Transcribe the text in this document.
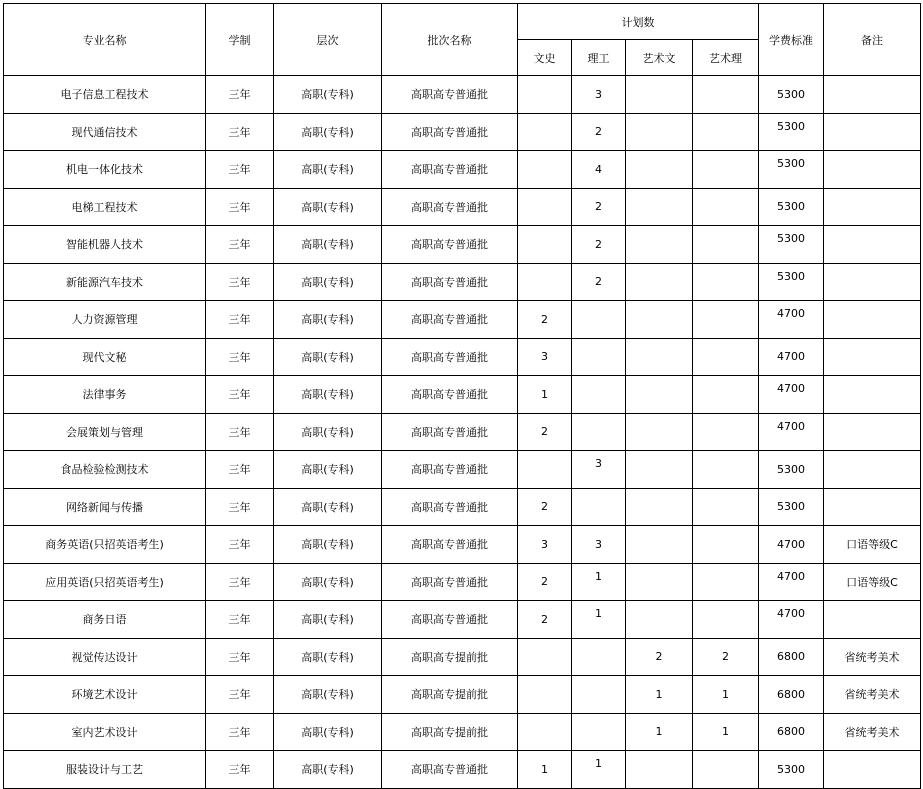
专业名称	学制	层次	批次名称	计划数				学费标准	备注
				文史	理工	艺术文	艺术理		
电子信息工程技术	三年	高职(专科)	高职高专普通批		3			5300	
现代通信技术	三年	高职(专科)	高职高专普通批		2			5300	
机电一体化技术	三年	高职(专科)	高职高专普通批		4			5300	
电梯工程技术	三年	高职(专科)	高职高专普通批		2			5300	
智能机器人技术	三年	高职(专科)	高职高专普通批		2			5300	
新能源汽车技术	三年	高职(专科)	高职高专普通批		2			5300	
人力资源管理	三年	高职(专科)	高职高专普通批	2				4700	
现代文秘	三年	高职(专科)	高职高专普通批	3				4700	
法律事务	三年	高职(专科)	高职高专普通批	1				4700	
会展策划与管理	三年	高职(专科)	高职高专普通批	2				4700	
食品检验检测技术	三年	高职(专科)	高职高专普通批		3			5300	
网络新闻与传播	三年	高职(专科)	高职高专普通批	2				5300	
商务英语(只招英语考生)	三年	高职(专科)	高职高专普通批	3	3			4700	口语等级C
应用英语(只招英语考生)	三年	高职(专科)	高职高专普通批	2	1			4700	口语等级C
商务日语	三年	高职(专科)	高职高专普通批	2	1			4700	
视觉传达设计	三年	高职(专科)	高职高专提前批			2	2	6800	省统考美术
环境艺术设计	三年	高职(专科)	高职高专提前批			1	1	6800	省统考美术
室内艺术设计	三年	高职(专科)	高职高专提前批			1	1	6800	省统考美术
服装设计与工艺	三年	高职(专科)	高职高专普通批	1	1			5300	
